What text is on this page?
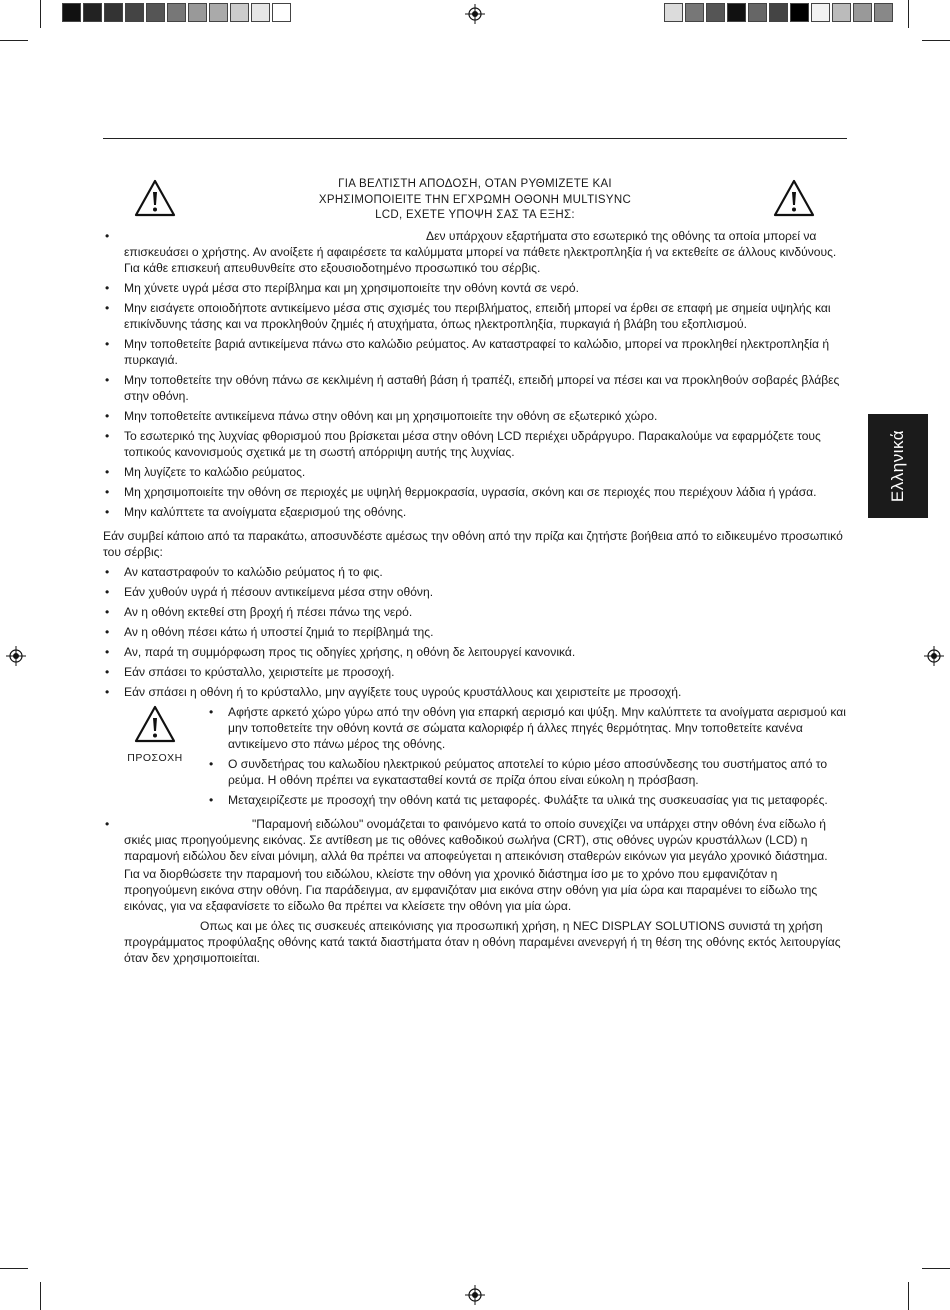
ΓΙΑ ΒΕΛΤΙΣΤΗ ΑΠΟΔΟΣΗ, ΟΤΑΝ ΡΥΘΜΙΖΕΤΕ ΚΑΙ
ΧΡΗΣΙΜΟΠΟΙΕΙΤΕ ΤΗΝ ΕΓΧΡΩΜΗ ΟΘΟΝΗ MULTISYNC
LCD, ΕΧΕΤΕ ΥΠΟΨΗ ΣΑΣ ΤΑ ΕΞΗΣ:
Ελληνικά
• Δεν υπάρχουν εξαρτήματα στο εσωτερικό της οθόνης τα οποία μπορεί να επισκευάσει ο χρήστης. Αν ανοίξετε ή αφαιρέσετε τα καλύμματα μπορεί να πάθετε ηλεκτροπληξία ή να εκτεθείτε σε άλλους κινδύνους. Για κάθε επισκευή απευθυνθείτε στο εξουσιοδοτημένο προσωπικό του σέρβις.
• Μη χύνετε υγρά μέσα στο περίβλημα και μη χρησιμοποιείτε την οθόνη κοντά σε νερό.
• Μην εισάγετε οποιοδήποτε αντικείμενο μέσα στις σχισμές του περιβλήματος, επειδή μπορεί να έρθει σε επαφή με σημεία υψηλής και επικίνδυνης τάσης και να προκληθούν ζημιές ή ατυχήματα, όπως ηλεκτροπληξία, πυρκαγιά ή βλάβη του εξοπλισμού.
• Μην τοποθετείτε βαριά αντικείμενα πάνω στο καλώδιο ρεύματος. Αν καταστραφεί το καλώδιο, μπορεί να προκληθεί ηλεκτροπληξία ή πυρκαγιά.
• Μην τοποθετείτε την οθόνη πάνω σε κεκλιμένη ή ασταθή βάση ή τραπέζι, επειδή μπορεί να πέσει και να προκληθούν σοβαρές βλάβες στην οθόνη.
• Μην τοποθετείτε αντικείμενα πάνω στην οθόνη και μη χρησιμοποιείτε την οθόνη σε εξωτερικό χώρο.
• Το εσωτερικό της λυχνίας φθορισμού που βρίσκεται μέσα στην οθόνη LCD περιέχει υδράργυρο. Παρακαλούμε να εφαρμόζετε τους τοπικούς κανονισμούς σχετικά με τη σωστή απόρριψη αυτής της λυχνίας.
• Μη λυγίζετε το καλώδιο ρεύματος.
• Μη χρησιμοποιείτε την οθόνη σε περιοχές με υψηλή θερμοκρασία, υγρασία, σκόνη και σε περιοχές που περιέχουν λάδια ή γράσα.
• Μην καλύπτετε τα ανοίγματα εξαερισμού της οθόνης.

Εάν συμβεί κάποιο από τα παρακάτω, αποσυνδέστε αμέσως την οθόνη από την πρίζα και ζητήστε βοήθεια από το ειδικευμένο προσωπικό του σέρβις:

• Αν καταστραφούν το καλώδιο ρεύματος ή το φις.
• Εάν χυθούν υγρά ή πέσουν αντικείμενα μέσα στην οθόνη.
• Αν η οθόνη εκτεθεί στη βροχή ή πέσει πάνω της νερό.
• Αν η οθόνη πέσει κάτω ή υποστεί ζημιά το περίβλημά της.
• Αν, παρά τη συμμόρφωση προς τις οδηγίες χρήσης, η οθόνη δε λειτουργεί κανονικά.
• Εάν σπάσει το κρύσταλλο, χειριστείτε με προσοχή.
• Εάν σπάσει η οθόνη ή το κρύσταλλο, μην αγγίξετε τους υγρούς κρυστάλλους και χειριστείτε με προσοχή.
ΠΡΟΣΟΧΗ
• Αφήστε αρκετό χώρο γύρω από την οθόνη για επαρκή αερισμό και ψύξη. Μην καλύπτετε τα ανοίγματα αερισμού και μην τοποθετείτε την οθόνη κοντά σε σώματα καλοριφέρ ή άλλες πηγές θερμότητας. Μην τοποθετείτε κανένα αντικείμενο στο πάνω μέρος της οθόνης.
• Ο συνδετήρας του καλωδίου ηλεκτρικού ρεύματος αποτελεί το κύριο μέσο αποσύνδεσης του συστήματος από το ρεύμα. Η οθόνη πρέπει να εγκατασταθεί κοντά σε πρίζα όπου είναι εύκολη η πρόσβαση.
• Μεταχειρίζεστε με προσοχή την οθόνη κατά τις μεταφορές. Φυλάξτε τα υλικά της συσκευασίας για τις μεταφορές.
• "Παραμονή ειδώλου" ονομάζεται το φαινόμενο κατά το οποίο συνεχίζει να υπάρχει στην οθόνη ένα είδωλο ή σκιές μιας προηγούμενης εικόνας. Σε αντίθεση με τις οθόνες καθοδικού σωλήνα (CRT), στις οθόνες υγρών κρυστάλλων (LCD) η παραμονή ειδώλου δεν είναι μόνιμη, αλλά θα πρέπει να αποφεύγεται η απεικόνιση σταθερών εικόνων για μεγάλο χρονικό διάστημα.

Για να διορθώσετε την παραμονή του ειδώλου, κλείστε την οθόνη για χρονικό διάστημα ίσο με το χρόνο που εμφανιζόταν η προηγούμενη εικόνα στην οθόνη. Για παράδειγμα, αν εμφανιζόταν μια εικόνα στην οθόνη για μία ώρα και παραμένει το είδωλο της εικόνας, για να εξαφανίσετε το είδωλο θα πρέπει να κλείσετε την οθόνη για μία ώρα.

Οπως και με όλες τις συσκευές απεικόνισης για προσωπική χρήση, η NEC DISPLAY SOLUTIONS συνιστά τη χρήση προγράμματος προφύλαξης οθόνης κατά τακτά διαστήματα όταν η οθόνη παραμένει ανενεργή ή τη θέση της οθόνης εκτός λειτουργίας όταν δεν χρησιμοποιείται.
